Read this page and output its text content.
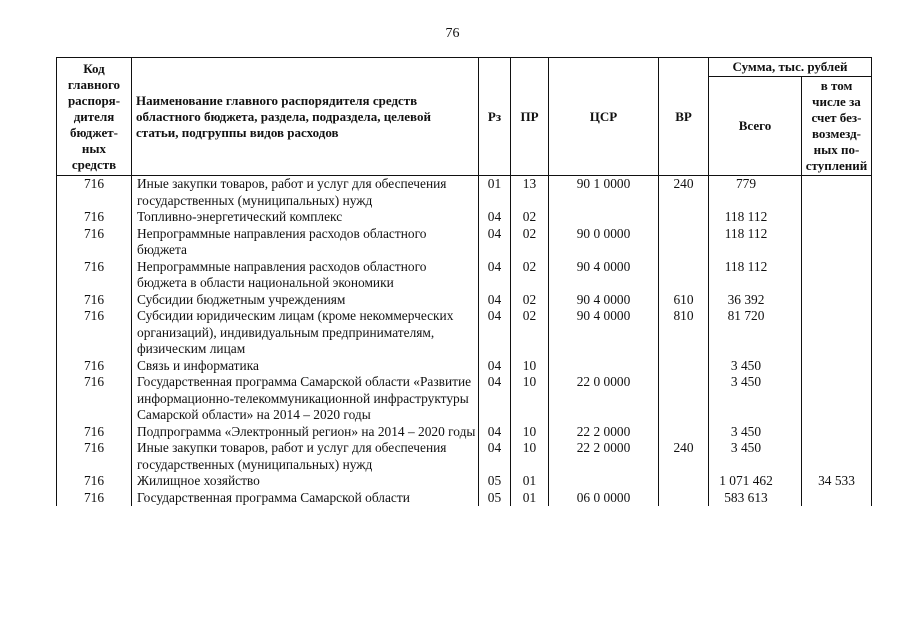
76
Код главного распоря-дителя бюджет-ных средств	Наименование главного распорядителя средств областного бюджета, раздела, подраздела, целевой статьи, подгруппы видов расходов	Рз	ПР	ЦСР	ВР	Сумма, тыс. рублей	
						Всего	в том числе за счет без-возмезд-ных по-ступлений
716	Иные закупки товаров, работ и услуг для обеспечения государственных (муниципальных) нужд	01	13	90 1 0000	240	779	
716	Топливно-энергетический комплекс	04	02			118 112	
716	Непрограммные направления расходов областного бюджета	04	02	90 0 0000		118 112	
716	Непрограммные направления расходов областного бюджета в области национальной экономики	04	02	90 4 0000		118 112	
716	Субсидии бюджетным учреждениям	04	02	90 4 0000	610	36 392	
716	Субсидии юридическим лицам (кроме некоммерческих организаций), индивидуальным предпринимателям, физическим лицам	04	02	90 4 0000	810	81 720	
716	Связь и информатика	04	10			3 450	
716	Государственная программа Самарской области «Развитие информационно-телекоммуникационной инфраструктуры Самарской области» на 2014 – 2020 годы	04	10	22 0 0000		3 450	
716	Подпрограмма «Электронный регион» на 2014 – 2020 годы	04	10	22 2 0000		3 450	
716	Иные закупки товаров, работ и услуг для обеспечения государственных (муниципальных) нужд	04	10	22 2 0000	240	3 450	
716	Жилищное хозяйство	05	01			1 071 462	34 533
716	Государственная программа Самарской области	05	01	06 0 0000		583 613	
